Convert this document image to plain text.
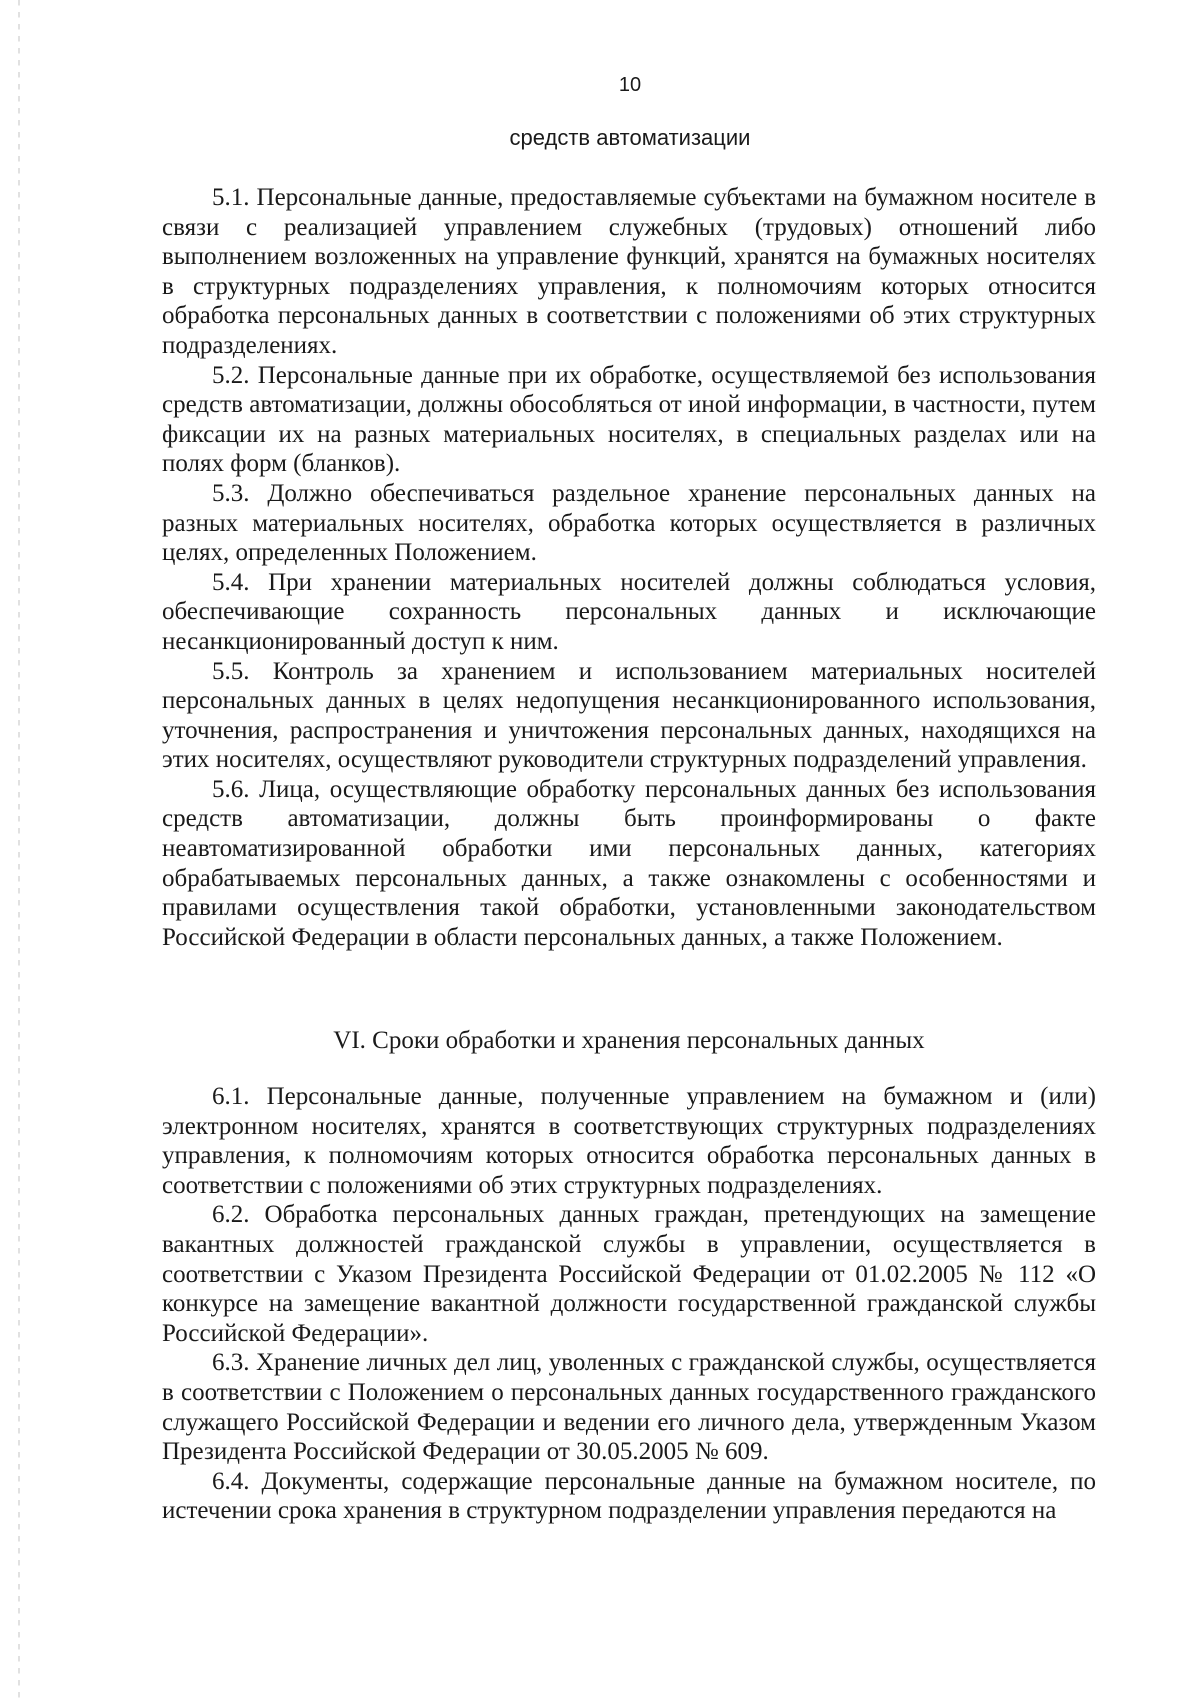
10
средств автоматизации

5.1. Персональные данные, предоставляемые субъектами на бумажном носителе в связи с реализацией управлением служебных (трудовых) отношений либо выполнением возложенных на управление функций, хранятся на бумажных носителях в структурных подразделениях управления, к полномочиям которых относится обработка персональных данных в соответствии с положениями об этих структурных подразделениях.

5.2. Персональные данные при их обработке, осуществляемой без использования средств автоматизации, должны обособляться от иной информации, в частности, путем фиксации их на разных материальных носителях, в специальных разделах или на полях форм (бланков).

5.3. Должно обеспечиваться раздельное хранение персональных данных на разных материальных носителях, обработка которых осуществляется в различных целях, определенных Положением.

5.4. При хранении материальных носителей должны соблюдаться условия, обеспечивающие сохранность персональных данных и исключающие несанкционированный доступ к ним.

5.5. Контроль за хранением и использованием материальных носителей персональных данных в целях недопущения несанкционированного использования, уточнения, распространения и уничтожения персональных данных, находящихся на этих носителях, осуществляют руководители структурных подразделений управления.

5.6. Лица, осуществляющие обработку персональных данных без использования средств автоматизации, должны быть проинформированы о факте неавтоматизированной обработки ими персональных данных, категориях обрабатываемых персональных данных, а также ознакомлены с особенностями и правилами осуществления такой обработки, установленными законодательством Российской Федерации в области персональных данных, а также Положением.

VI. Сроки обработки и хранения персональных данных

6.1. Персональные данные, полученные управлением на бумажном и (или) электронном носителях, хранятся в соответствующих структурных подразделениях управления, к полномочиям которых относится обработка персональных данных в соответствии с положениями об этих структурных подразделениях.

6.2. Обработка персональных данных граждан, претендующих на замещение вакантных должностей гражданской службы в управлении, осуществляется в соответствии с Указом Президента Российской Федерации от 01.02.2005 № 112 «О конкурсе на замещение вакантной должности государственной гражданской службы Российской Федерации».

6.3. Хранение личных дел лиц, уволенных с гражданской службы, осуществляется в соответствии с Положением о персональных данных государственного гражданского служащего Российской Федерации и ведении его личного дела, утвержденным Указом Президента Российской Федерации от 30.05.2005 № 609.

6.4. Документы, содержащие персональные данные на бумажном носителе, по истечении срока хранения в структурном подразделении управления передаются на
